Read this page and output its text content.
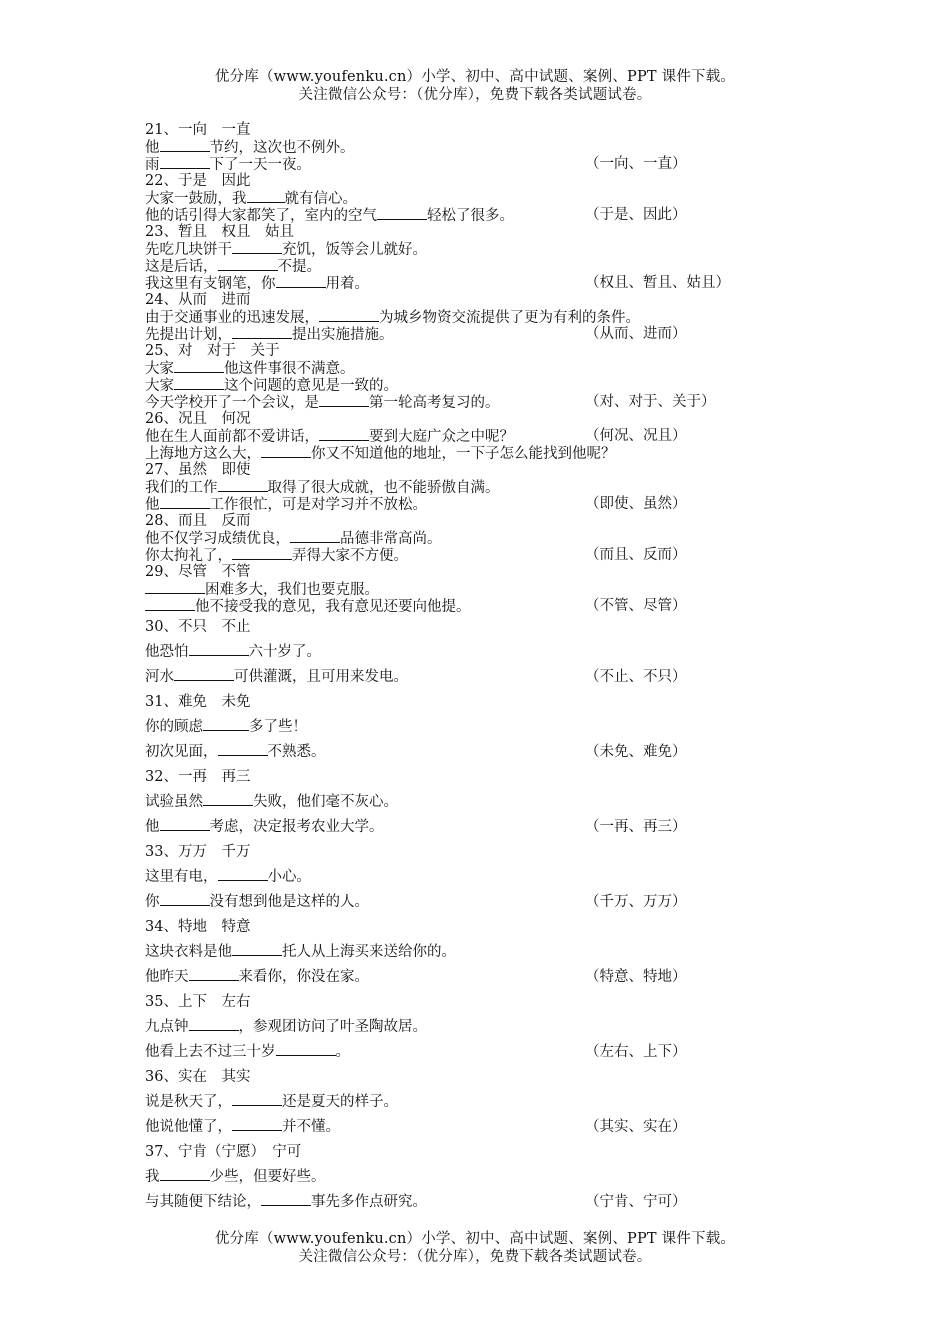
优分库（www.youfenku.cn）小学、初中、高中试题、案例、PPT 课件下载。
关注微信公众号：（优分库），免费下载各类试题试卷。
21、一向　一直
他	节约，这次也不例外。
雨	下了一天一夜。	（一向、一直）
22、于是　因此
大家一鼓励，我	就有信心。
他的话引得大家都笑了，室内的空气	轻松了很多。	（于是、因此）
23、暂且　权且　姑且
先吃几块饼干	充饥，饭等会儿就好。
这是后话，	不提。
我这里有支钢笔，你	用着。	（权且、暂且、姑且）
24、从而　进而
由于交通事业的迅速发展，	为城乡物资交流提供了更为有利的条件。
先提出计划，	提出实施措施。	（从而、进而）
25、对　对于　关于
大家	他这件事很不满意。
大家	这个问题的意见是一致的。
今天学校开了一个会议，是	第一轮高考复习的。	（对、对于、关于）
26、况且　何况
他在生人面前都不爱讲话，	要到大庭广众之中呢？	（何况、况且）
上海地方这么大，	你又不知道他的地址，一下子怎么能找到他呢？
27、虽然　即使
我们的工作	取得了很大成就，也不能骄傲自满。
他	工作很忙，可是对学习并不放松。	（即使、虽然）
28、而且　反而
他不仅学习成绩优良，	品德非常高尚。
你太拘礼了，	弄得大家不方便。	（而且、反而）
29、尽管　不管
困难多大，我们也要克服。
他不接受我的意见，我有意见还要向他提。	（不管、尽管）
30、不只　不止
他恐怕	六十岁了。
河水	可供灌溉，且可用来发电。	（不止、不只）
31、难免　未免
你的顾虑	多了些！
初次见面，	不熟悉。	（未免、难免）
32、一再　再三
试验虽然	失败，他们毫不灰心。
他	考虑，决定报考农业大学。	（一再、再三）
33、万万　千万
这里有电，	小心。
你	没有想到他是这样的人。	（千万、万万）
34、特地　特意
这块衣料是他	托人从上海买来送给你的。
他昨天	来看你，你没在家。	（特意、特地）
35、上下　左右
九点钟	，参观团访问了叶圣陶故居。
他看上去不过三十岁	。	（左右、上下）
36、实在　其实
说是秋天了，	还是夏天的样子。
他说他懂了，	并不懂。	（其实、实在）
37、宁肯（宁愿）　宁可
我	少些，但要好些。
与其随便下结论，	事先多作点研究。	（宁肯、宁可）
优分库（www.youfenku.cn）小学、初中、高中试题、案例、PPT 课件下载。
关注微信公众号：（优分库），免费下载各类试题试卷。
